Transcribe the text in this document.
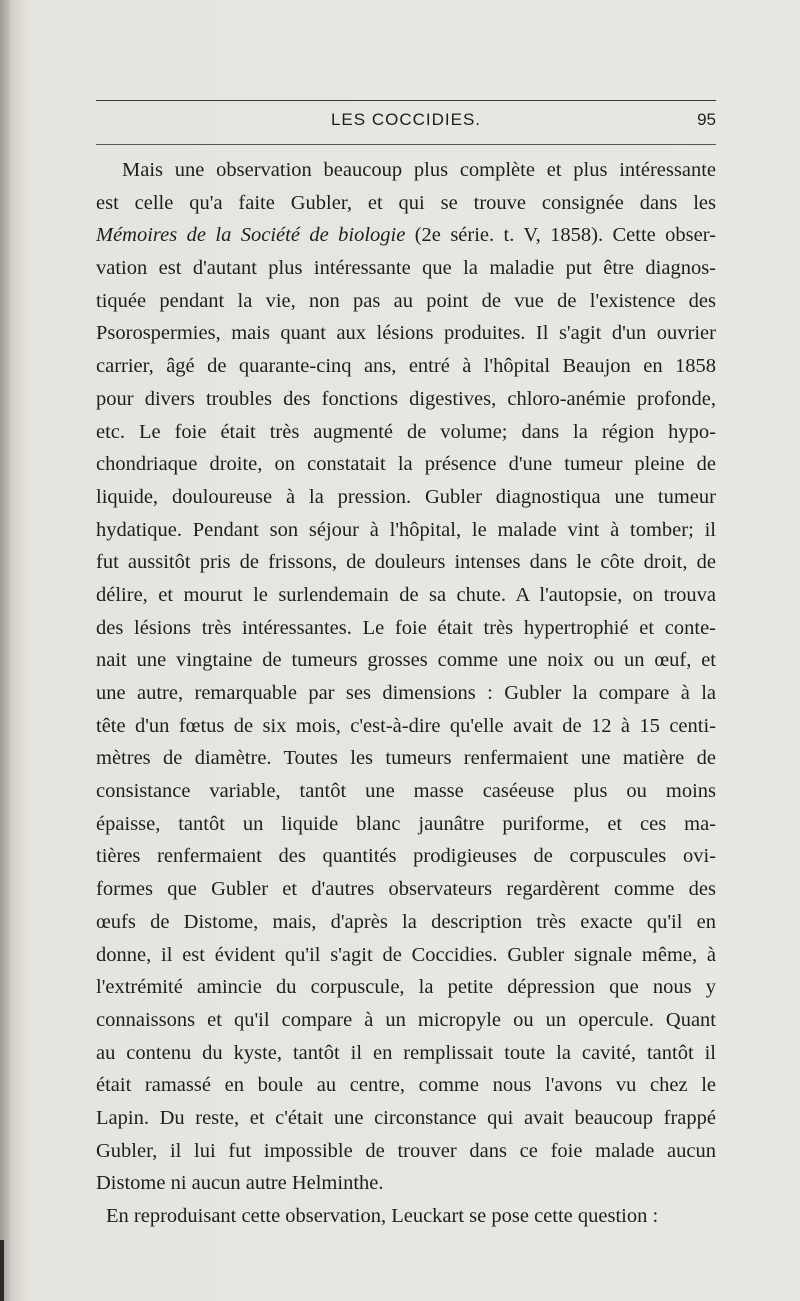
LES COCCIDIES.	95
Mais une observation beaucoup plus complète et plus intéressante
est celle qu'a faite Gubler, et qui se trouve consignée dans les
Mémoires de la Société de biologie (2e série. t. V, 1858). Cette obser-
vation est d'autant plus intéressante que la maladie put être diagnos-
tiquée pendant la vie, non pas au point de vue de l'existence des
Psorospermies, mais quant aux lésions produites. Il s'agit d'un ouvrier
carrier, âgé de quarante-cinq ans, entré à l'hôpital Beaujon en 1858
pour divers troubles des fonctions digestives, chloro-anémie profonde,
etc. Le foie était très augmenté de volume; dans la région hypo-
chondriaque droite, on constatait la présence d'une tumeur pleine de
liquide, douloureuse à la pression. Gubler diagnostiqua une tumeur
hydatique. Pendant son séjour à l'hôpital, le malade vint à tomber; il
fut aussitôt pris de frissons, de douleurs intenses dans le côte droit, de
délire, et mourut le surlendemain de sa chute. A l'autopsie, on trouva
des lésions très intéressantes. Le foie était très hypertrophié et conte-
nait une vingtaine de tumeurs grosses comme une noix ou un œuf, et
une autre, remarquable par ses dimensions : Gubler la compare à la
tête d'un fœtus de six mois, c'est-à-dire qu'elle avait de 12 à 15 centi-
mètres de diamètre. Toutes les tumeurs renfermaient une matière de
consistance variable, tantôt une masse caséeuse plus ou moins
épaisse, tantôt un liquide blanc jaunâtre puriforme, et ces ma-
tières renfermaient des quantités prodigieuses de corpuscules ovi-
formes que Gubler et d'autres observateurs regardèrent comme des
œufs de Distome, mais, d'après la description très exacte qu'il en
donne, il est évident qu'il s'agit de Coccidies. Gubler signale même, à
l'extrémité amincie du corpuscule, la petite dépression que nous y
connaissons et qu'il compare à un micropyle ou un opercule. Quant
au contenu du kyste, tantôt il en remplissait toute la cavité, tantôt il
était ramassé en boule au centre, comme nous l'avons vu chez le
Lapin. Du reste, et c'était une circonstance qui avait beaucoup frappé
Gubler, il lui fut impossible de trouver dans ce foie malade aucun
Distome ni aucun autre Helminthe.
En reproduisant cette observation, Leuckart se pose cette question :
